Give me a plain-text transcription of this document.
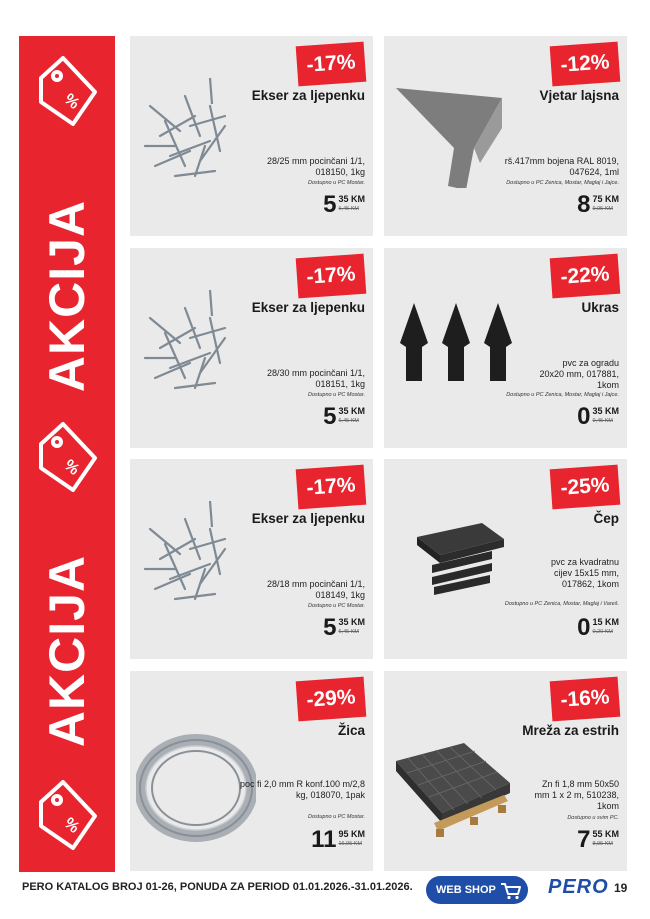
%
AKCIJA
%
AKCIJA
%
-17%
Ekser za ljepenku
28/25 mm pocinčani 1/1, 018150, 1kg
Dostupno u PC Mostar.
5 35 KM
6,45 KM
-12%
Vjetar lajsna
rš.417mm bojena RAL 8019, 047624, 1ml
Dostupno u PC Zenica, Mostar, Maglaj i Jajce.
8 75 KM
9,95 KM
-17%
Ekser za ljepenku
28/30 mm pocinčani 1/1, 018151, 1kg
Dostupno u PC Mostar.
5 35 KM
6,45 KM
-22%
Ukras
pvc za ogradu 20x20 mm, 017881, 1kom
Dostupno u PC Zenica, Mostar, Maglaj i Jajce.
0 35 KM
0,45 KM
-17%
Ekser za ljepenku
28/18 mm pocinčani 1/1, 018149, 1kg
Dostupno u PC Mostar.
5 35 KM
6,45 KM
-25%
Čep
pvc za kvadratnu cijev 15x15 mm, 017862, 1kom
Dostupno u PC Zenica, Mostar, Maglaj i Vareš.
0 15 KM
0,20 KM
-29%
Žica
poc fi 2,0 mm R konf.100 m/2,8 kg, 018070, 1pak
Dostupno u PC Mostar.
11 95 KM
16,95 KM
-16%
Mreža za estrih
Zn fi 1,8 mm 50x50 mm 1 x 2 m, 510238, 1kom
Dostupno u svim PC.
7 55 KM
8,95 KM
PERO KATALOG BROJ 01-26, PONUDA ZA PERIOD 01.01.2026.-31.01.2026. WEB SHOP	PERO 19
